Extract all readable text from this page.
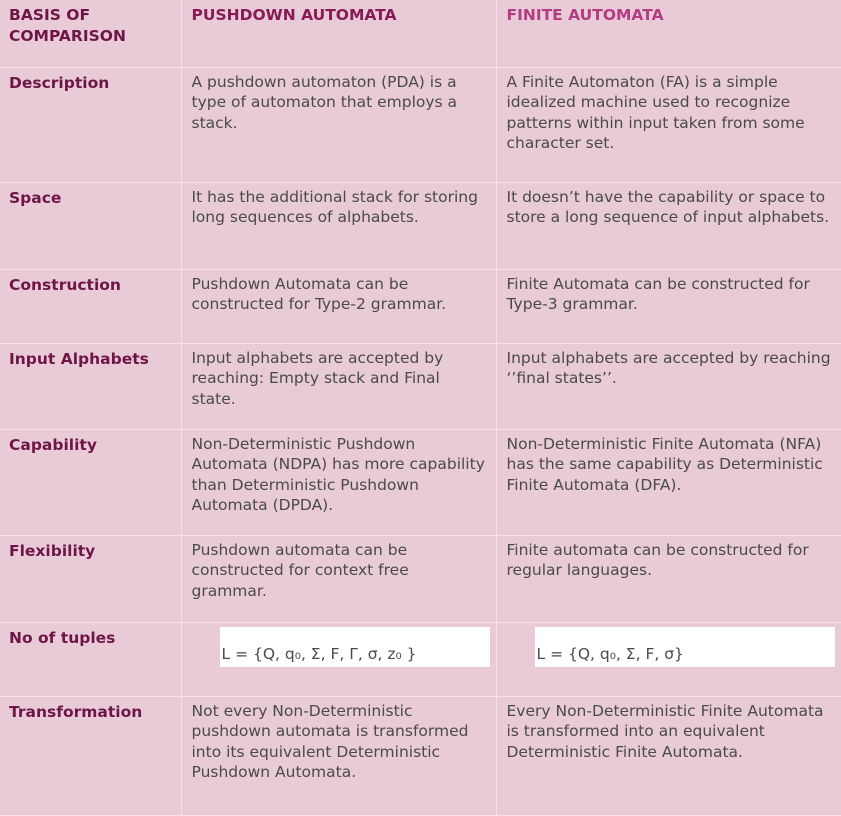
BASIS OF COMPARISON	PUSHDOWN AUTOMATA	FINITE AUTOMATA
Description	A pushdown automaton (PDA) is a type of automaton that employs a stack.	A Finite Automaton (FA) is a simple idealized machine used to recognize patterns within input taken from some character set.
Space	It has the additional stack for storing long sequences of alphabets.	It doesn’t have the capability or space to store a long sequence of input alphabets.
Construction	Pushdown Automata can be constructed for Type-2 grammar.	Finite Automata can be constructed for Type-3 grammar.
Input Alphabets	Input alphabets are accepted by reaching: Empty stack and Final state.	Input alphabets are accepted by reaching ‘’final states’’.
Capability	Non-Deterministic Pushdown Automata (NDPA) has more capability than Deterministic Pushdown Automata (DPDA).	Non-Deterministic Finite Automata (NFA) has the same capability as Deterministic Finite Automata (DFA).
Flexibility	Pushdown automata can be constructed for context free grammar.	Finite automata can be constructed for regular languages.
No of tuples	L = {Q, q₀, Σ, F, Γ, σ, z₀ }	L = {Q, q₀, Σ, F, σ}

Transformation	Not every Non-Deterministic pushdown automata is transformed into its equivalent Deterministic Pushdown Automata.	Every Non-Deterministic Finite Automata is transformed into an equivalent Deterministic Finite Automata.
